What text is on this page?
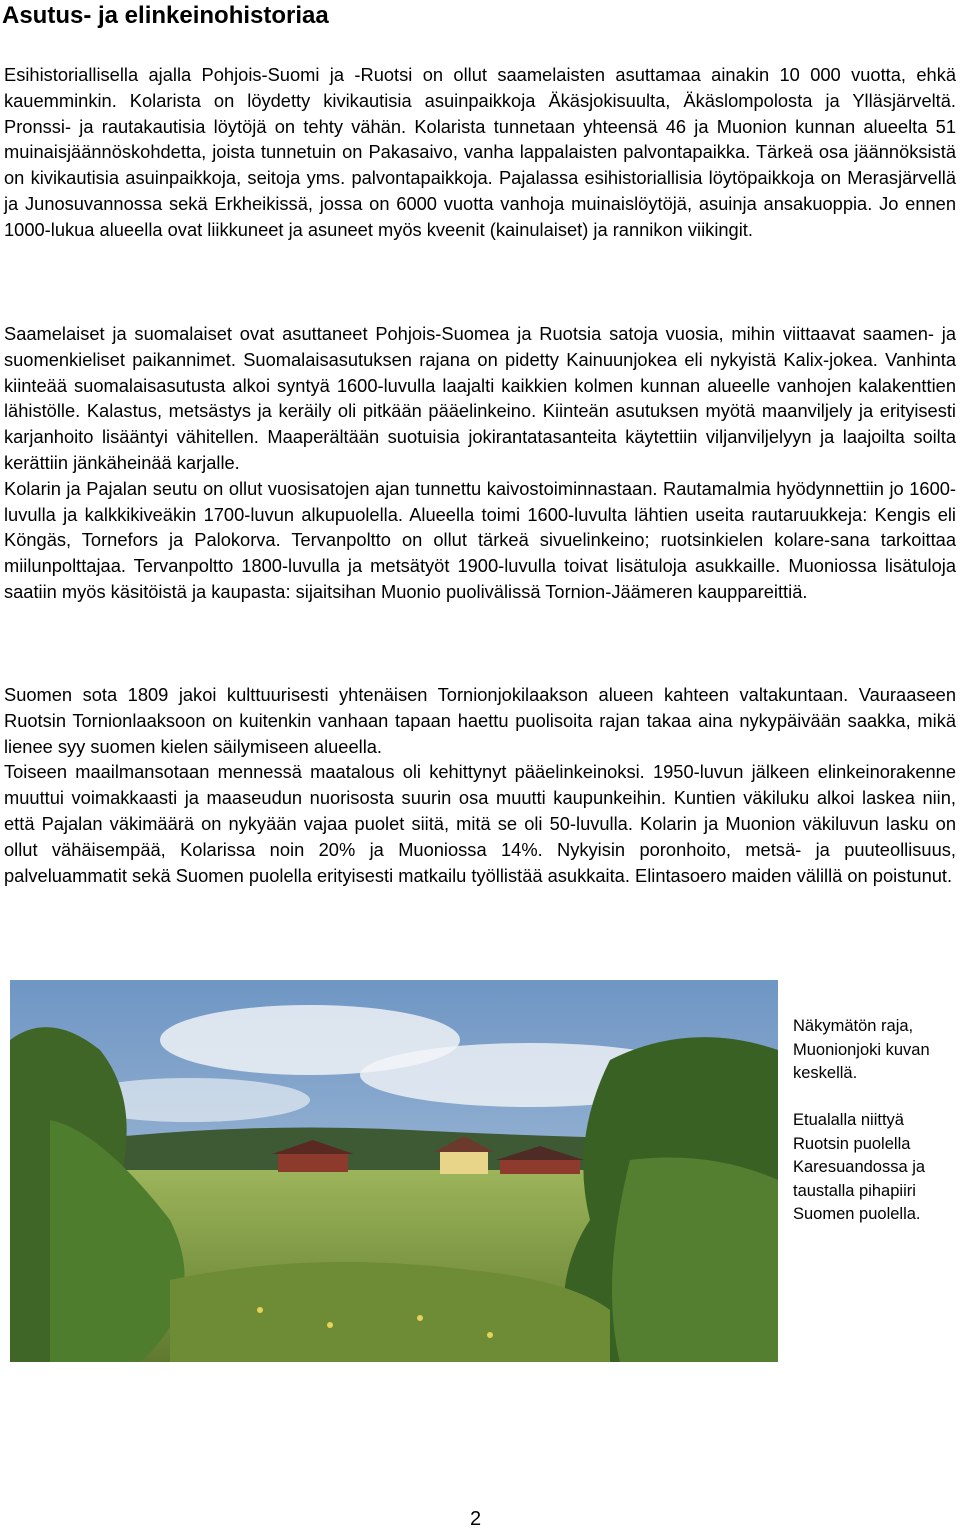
Asutus- ja elinkeinohistoriaa

Esihistoriallisella ajalla Pohjois-Suomi ja -Ruotsi on ollut saamelaisten asuttamaa ainakin 10 000 vuotta, ehkä kauemminkin. Kolarista on löydetty kivikautisia asuinpaikkoja Äkäsjokisuulta, Äkäslompolosta ja Ylläsjärveltä. Pronssi- ja rautakautisia löytöjä on tehty vähän. Kolarista tunnetaan yhteensä 46 ja Muonion kunnan alueelta 51 muinaisjäännöskohdetta, joista tunnetuin on Pakasaivo, vanha lappalaisten palvontapaikka. Tärkeä osa jäännöksistä on kivikautisia asuinpaikkoja, seitoja yms. palvontapaikkoja. Pajalassa esihistoriallisia löytöpaikkoja on Merasjärvellä ja Junosuvannossa sekä Erkheikissä, jossa on 6000 vuotta vanhoja muinaislöytöjä, asuinja ansakuoppia. Jo ennen 1000-lukua alueella ovat liikkuneet ja asuneet myös kveenit (kainulaiset) ja rannikon viikingit.

Saamelaiset ja suomalaiset ovat asuttaneet Pohjois-Suomea ja Ruotsia satoja vuosia, mihin viittaavat saamen- ja suomenkieliset paikannimet. Suomalaisasutuksen rajana on pidetty Kainuunjokea eli nykyistä Kalix-jokea. Vanhinta kiinteää suomalaisasutusta alkoi syntyä 1600-luvulla laajalti kaikkien kolmen kunnan alueelle vanhojen kalakenttien lähistölle. Kalastus, metsästys ja keräily oli pitkään pääelinkeino. Kiinteän asutuksen myötä maanviljely ja erityisesti karjanhoito lisääntyi vähitellen. Maaperältään suotuisia jokirantatasanteita käytettiin viljanviljelyyn ja laajoilta soilta kerättiin jänkäheinää karjalle.

Kolarin ja Pajalan seutu on ollut vuosisatojen ajan tunnettu kaivostoiminnastaan. Rautamalmia hyödynnettiin jo 1600-luvulla ja kalkkikiveäkin 1700-luvun alkupuolella. Alueella toimi 1600-luvulta lähtien useita rautaruukkeja: Kengis eli Köngäs, Tornefors ja Palokorva. Tervanpoltto on ollut tärkeä sivuelinkeino; ruotsinkielen kolare-sana tarkoittaa miilunpolttajaa. Tervanpoltto 1800-luvulla ja metsätyöt 1900-luvulla toivat lisätuloja asukkaille. Muoniossa lisätuloja saatiin myös käsitöistä ja kaupasta: sijaitsihan Muonio puolivälissä Tornion-Jäämeren kauppareittiä.

Suomen sota 1809 jakoi kulttuurisesti yhtenäisen Tornionjokilaakson alueen kahteen valtakuntaan. Vauraaseen Ruotsin Tornionlaaksoon on kuitenkin vanhaan tapaan haettu puolisoita rajan takaa aina nykypäivään saakka, mikä lienee syy suomen kielen säilymiseen alueella.

Toiseen maailmansotaan mennessä maatalous oli kehittynyt pääelinkeinoksi. 1950-luvun jälkeen elinkeinorakenne muuttui voimakkaasti ja maaseudun nuorisosta suurin osa muutti kaupunkeihin. Kuntien väkiluku alkoi laskea niin, että Pajalan väkimäärä on nykyään vajaa puolet siitä, mitä se oli 50-luvulla. Kolarin ja Muonion väkiluvun lasku on ollut vähäisempää, Kolarissa noin 20% ja Muoniossa 14%. Nykyisin poronhoito, metsä- ja puuteollisuus, palveluammatit sekä Suomen puolella erityisesti matkailu työllistää asukkaita. Elintasoero maiden välillä on poistunut.

Näkymätön raja, Muonionjoki kuvan keskellä.

Etualalla niittyä Ruotsin puolella Karesuandossa ja taustalla pihapiiri Suomen puolella.

2
